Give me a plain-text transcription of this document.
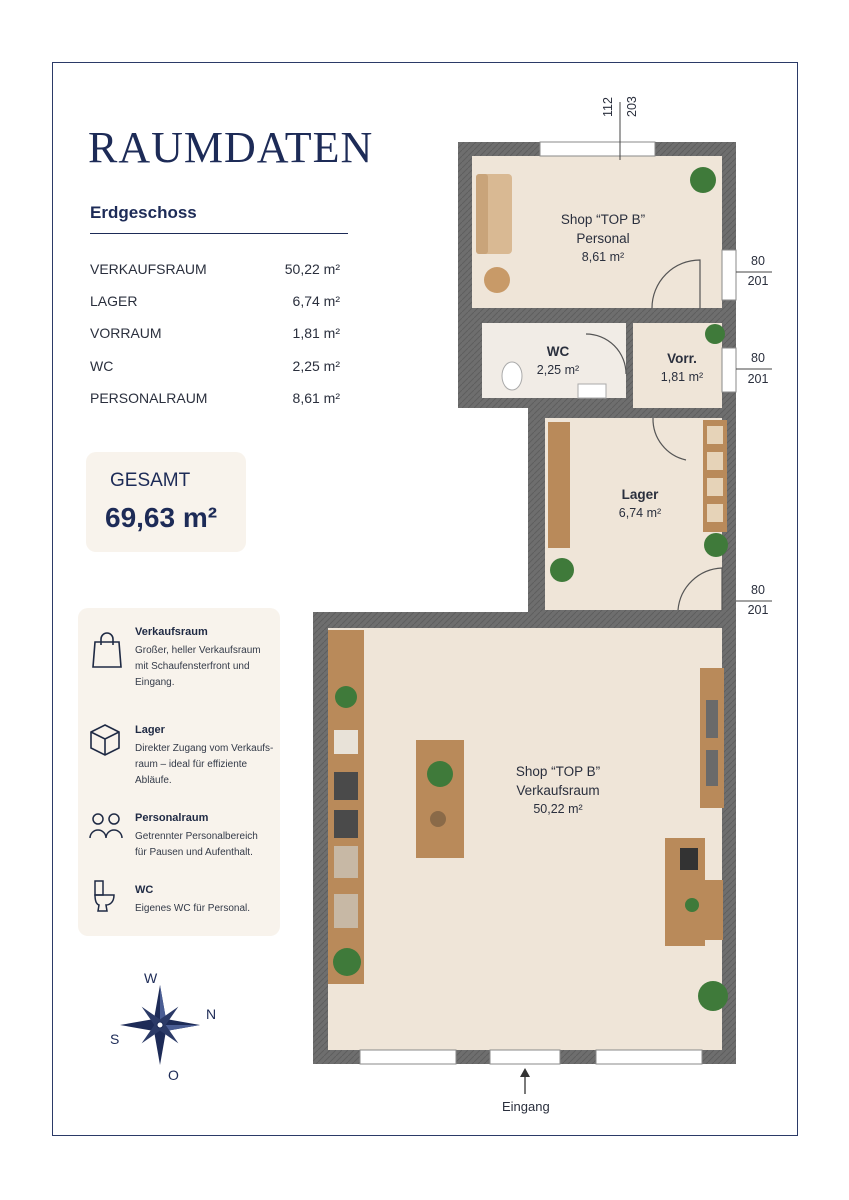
RAUMDATEN
Erdgeschoss
VERKAUFSRAUM	50,22 m²
LAGER	6,74 m²
VORRAUM	1,81 m²
WC	2,25 m²
PERSONALRAUM	8,61 m²
GESAMT
69,63 m²
Verkaufsraum
Großer, heller Verkaufsraum
mit Schaufensterfront und
Eingang.
Lager
Direkter Zugang vom Verkaufs-
raum – ideal für effiziente
Abläufe.
Personalraum
Getrennter Personalbereich
für Pausen und Aufenthalt.
WC
Eigenes WC für Personal.
W
N
S
O
Shop “TOP B”
Personal
8,61 m²
WC
2,25 m²
Vorr.
1,81 m²
Lager
6,74 m²
Shop “TOP B”
Verkaufsraum
50,22 m²
112 203
80
201
80
201
80
201
Eingang
